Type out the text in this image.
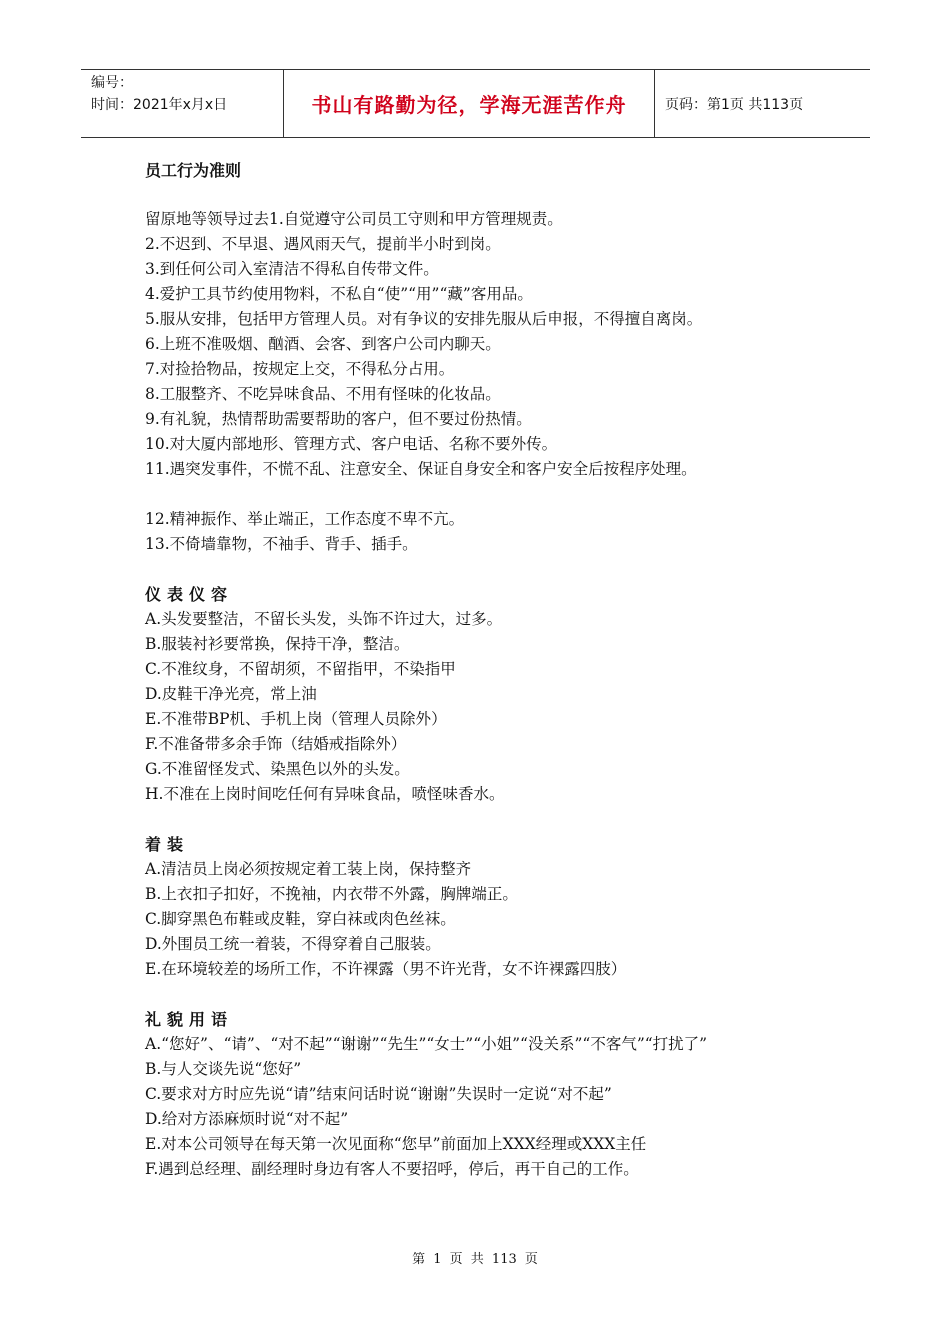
编号：
时间：2021年x月x日	书山有路勤为径，学海无涯苦作舟	页码：第1页 共113页

员工行为准则

留原地等领导过去1.自觉遵守公司员工守则和甲方管理规责。

2.不迟到、不早退、遇风雨天气，提前半小时到岗。

3.到任何公司入室清洁不得私自传带文件。

4.爱护工具节约使用物料，不私自“使”“用”“藏”客用品。

5.服从安排，包括甲方管理人员。对有争议的安排先服从后申报，不得擅自离岗。

6.上班不准吸烟、酗酒、会客、到客户公司内聊天。

7.对捡拾物品，按规定上交，不得私分占用。

8.工服整齐、不吃异味食品、不用有怪味的化妆品。

9.有礼貌，热情帮助需要帮助的客户，但不要过份热情。

10.对大厦内部地形、管理方式、客户电话、名称不要外传。

11.遇突发事件，不慌不乱、注意安全、保证自身安全和客户安全后按程序处理。

12.精神振作、举止端正，工作态度不卑不亢。

13.不倚墙靠物，不袖手、背手、插手。

仪表仪容

A.头发要整洁，不留长头发，头饰不许过大，过多。

B.服装衬衫要常换，保持干净，整洁。

C.不准纹身，不留胡须，不留指甲，不染指甲

D.皮鞋干净光亮，常上油

E.不准带BP机、手机上岗（管理人员除外）

F.不准备带多余手饰（结婚戒指除外）

G.不准留怪发式、染黑色以外的头发。

H.不准在上岗时间吃任何有异味食品，喷怪味香水。

着装

A.清洁员上岗必须按规定着工装上岗，保持整齐

B.上衣扣子扣好，不挽袖，内衣带不外露，胸牌端正。

C.脚穿黑色布鞋或皮鞋，穿白袜或肉色丝袜。

D.外围员工统一着装，不得穿着自己服装。

E.在环境较差的场所工作，不许裸露（男不许光背，女不许裸露四肢）

礼貌用语

A.“您好”、“请”、“对不起”“谢谢”“先生”“女士”“小姐”“没关系”“不客气”“打扰了”

B.与人交谈先说“您好”

C.要求对方时应先说“请”结束问话时说“谢谢”失误时一定说“对不起”

D.给对方添麻烦时说“对不起”

E.对本公司领导在每天第一次见面称“您早”前面加上XXX经理或XXX主任

F.遇到总经理、副经理时身边有客人不要招呼，停后，再干自己的工作。

第 1 页 共 113 页
